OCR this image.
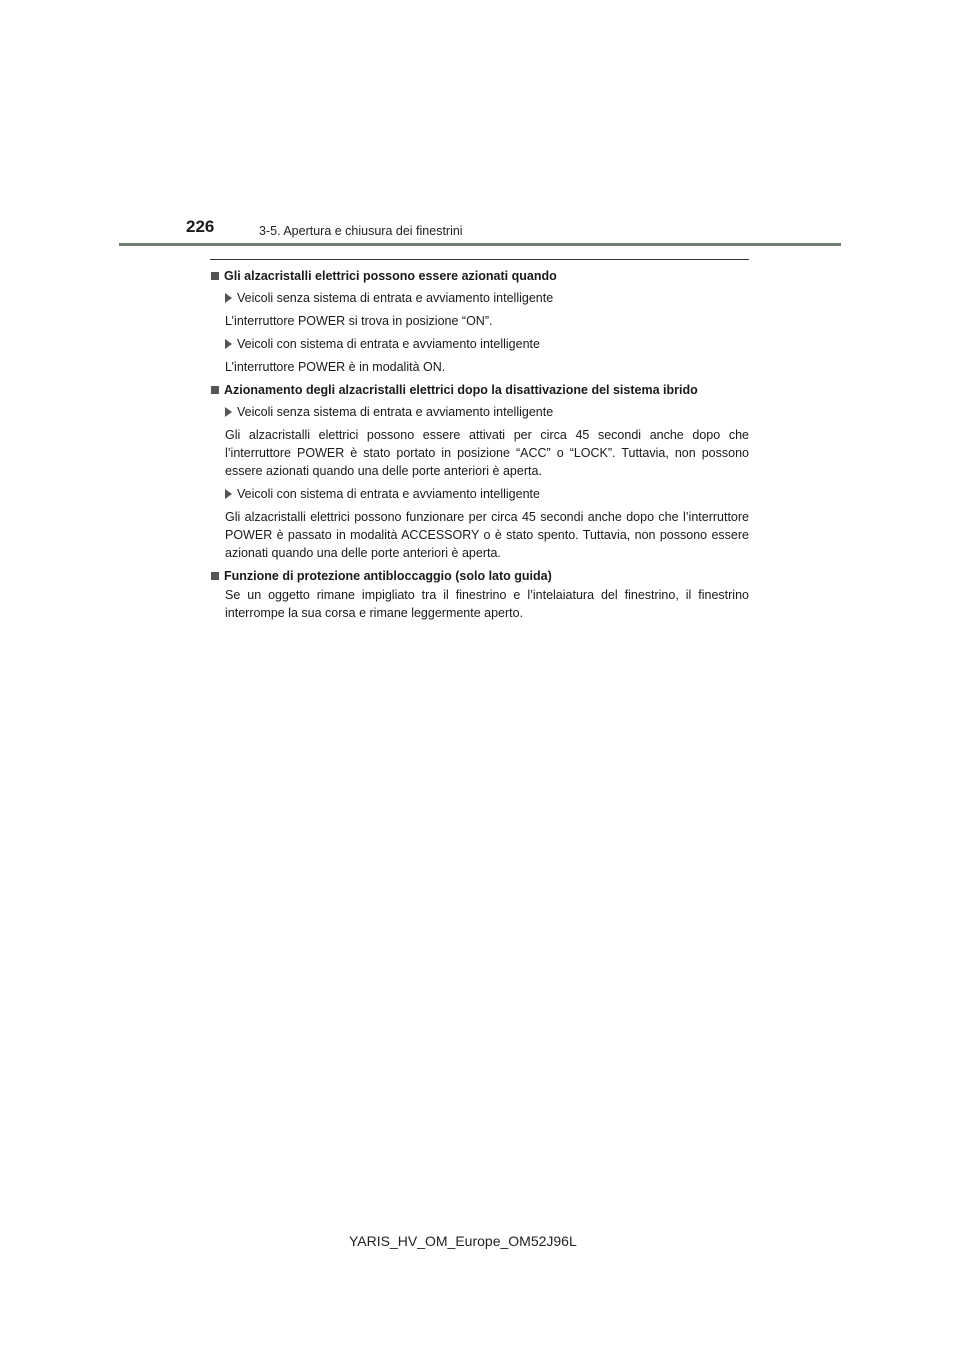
226	3-5. Apertura e chiusura dei finestrini
Gli alzacristalli elettrici possono essere azionati quando
Veicoli senza sistema di entrata e avviamento intelligente

L’interruttore POWER si trova in posizione “ON”.

Veicoli con sistema di entrata e avviamento intelligente

L’interruttore POWER è in modalità ON.

Azionamento degli alzacristalli elettrici dopo la disattivazione del sistema ibrido
Veicoli senza sistema di entrata e avviamento intelligente

Gli alzacristalli elettrici possono essere attivati per circa 45 secondi anche dopo che l’interruttore POWER è stato portato in posizione “ACC” o “LOCK”. Tuttavia, non possono essere azionati quando una delle porte anteriori è aperta.

Veicoli con sistema di entrata e avviamento intelligente

Gli alzacristalli elettrici possono funzionare per circa 45 secondi anche dopo che l’interruttore POWER è passato in modalità ACCESSORY o è stato spento. Tuttavia, non possono essere azionati quando una delle porte anteriori è aperta.

Funzione di protezione antibloccaggio (solo lato guida)

Se un oggetto rimane impigliato tra il finestrino e l’intelaiatura del finestrino, il finestrino interrompe la sua corsa e rimane leggermente aperto.

YARIS_HV_OM_Europe_OM52J96L
